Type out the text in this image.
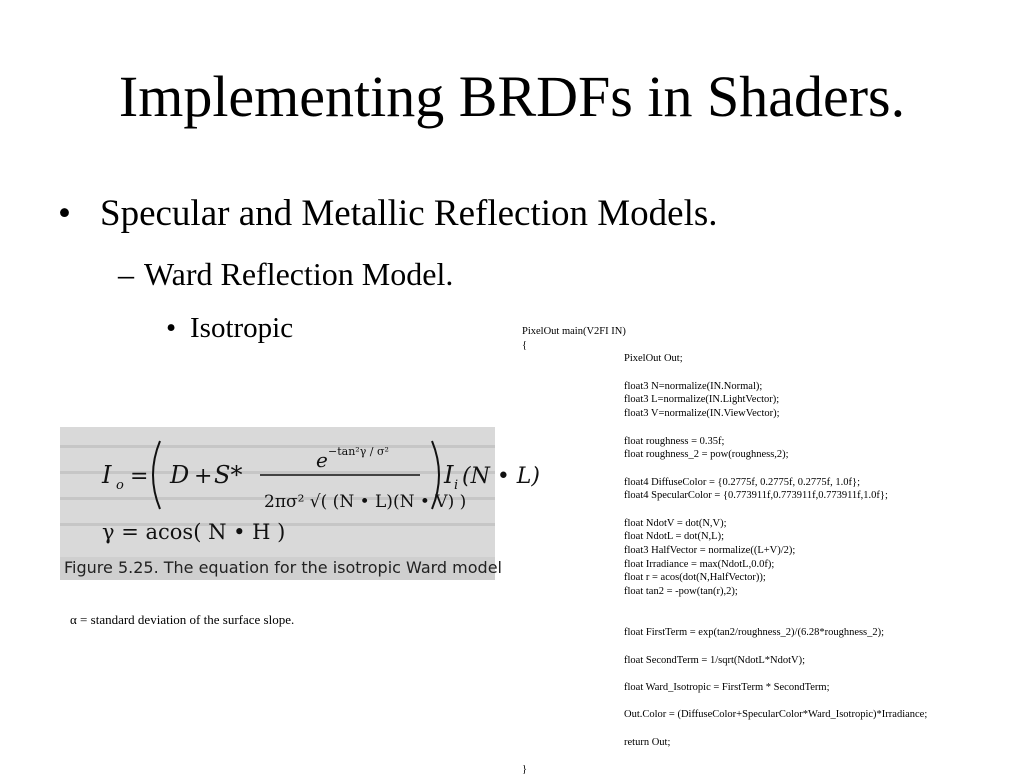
Implementing BRDFs in Shaders.
• Specular and Metallic Reflection Models.
– Ward Reflection Model.
• Isotropic
I o = D + S*
e −tan²γ / σ²
2πσ² √( (N • L)(N • V) )
I i (N • L)
γ = acos( N • H )
Figure 5.25. The equation for the isotropic Ward model
α = standard deviation of the surface slope.
PixelOut main(V2FI IN)
{
PixelOut Out;
float3 N=normalize(IN.Normal);
float3 L=normalize(IN.LightVector);
float3 V=normalize(IN.ViewVector);
float roughness = 0.35f;
float roughness_2 = pow(roughness,2);
float4 DiffuseColor = {0.2775f, 0.2775f, 0.2775f, 1.0f};
float4 SpecularColor = {0.773911f,0.773911f,0.773911f,1.0f};
float NdotV = dot(N,V);
float NdotL = dot(N,L);
float3 HalfVector = normalize((L+V)/2);
float Irradiance = max(NdotL,0.0f);
float r = acos(dot(N,HalfVector));
float tan2 = -pow(tan(r),2);
float FirstTerm = exp(tan2/roughness_2)/(6.28*roughness_2);
float SecondTerm = 1/sqrt(NdotL*NdotV);
float Ward_Isotropic = FirstTerm * SecondTerm;
Out.Color = (DiffuseColor+SpecularColor*Ward_Isotropic)*Irradiance;
return Out;
}
